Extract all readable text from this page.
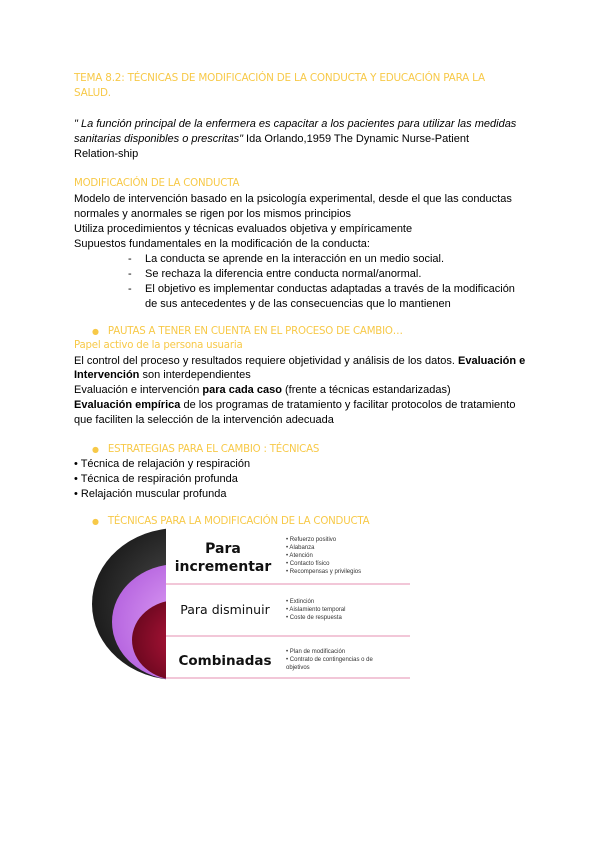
TEMA 8.2: TÉCNICAS DE MODIFICACIÓN DE LA CONDUCTA Y EDUCACIÓN PARA LA
SALUD.
" La función principal de la enfermera es capacitar a los pacientes para utilizar las medidas
sanitarias disponibles o prescritas" Ida Orlando,1959 The Dynamic Nurse-Patient
Relation-ship
MODIFICACIÓN DE LA CONDUCTA
Modelo de intervención basado en la psicología experimental, desde el que las conductas
normales y anormales se rigen por los mismos principios
Utiliza procedimientos y técnicas evaluados objetiva y empíricamente
Supuestos fundamentales en la modificación de la conducta:
- La conducta se aprende en la interacción en un medio social.
- Se rechaza la diferencia entre conducta normal/anormal.
- El objetivo es implementar conductas adaptadas a través de la modificación
de sus antecedentes y de las consecuencias que lo mantienen
● PAUTAS A TENER EN CUENTA EN EL PROCESO DE CAMBIO…
Papel activo de la persona usuaria
El control del proceso y resultados requiere objetividad y análisis de los datos. Evaluación e
Intervención son interdependientes
Evaluación e intervención para cada caso (frente a técnicas estandarizadas)
Evaluación empírica de los programas de tratamiento y facilitar protocolos de tratamiento
que faciliten la selección de la intervención adecuada
● ESTRATEGIAS PARA EL CAMBIO : TÉCNICAS
• Técnica de relajación y respiración
• Técnica de respiración profunda
• Relajación muscular profunda
● TÉCNICAS PARA LA MODIFICACIÓN DE LA CONDUCTA
Para
incrementar
• Refuerzo positivo
• Alabanza
• Atención
• Contacto físico
• Recompensas y privilegios
Para disminuir	• Extinción
• Aislamiento temporal
• Coste de respuesta
Combinadas
• Plan de modificación
• Contrato de contingencias o de
objetivos
